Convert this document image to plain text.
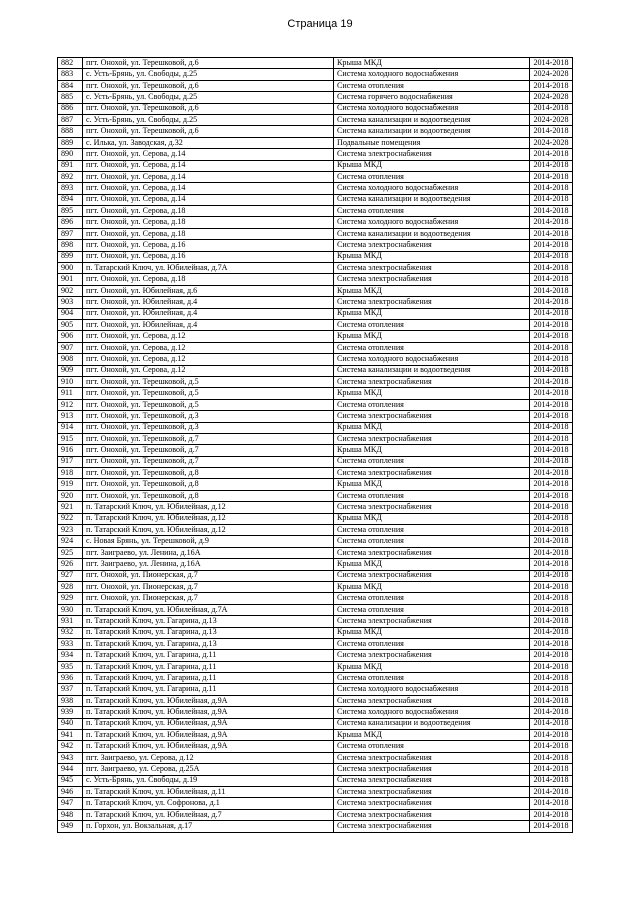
Страница 19
882	пгт. Онохой, ул. Терешковой, д.6	Крыша МКД	2014-2018
883	с. Усть-Брянь, ул. Свободы, д.25	Система холодного водоснабжения	2024-2028
884	пгт. Онохой, ул. Терешковой, д.6	Система отопления	2014-2018
885	с. Усть-Брянь, ул. Свободы, д.25	Система горячего водоснабжения	2024-2028
886	пгт. Онохой, ул. Терешковой, д.6	Система холодного водоснабжения	2014-2018
887	с. Усть-Брянь, ул. Свободы, д.25	Система канализации и водоотведения	2024-2028
888	пгт. Онохой, ул. Терешковой, д.6	Система канализации и водоотведения	2014-2018
889	с. Илька, ул. Заводская, д.32	Подвальные помещения	2024-2028
890	пгт. Онохой, ул. Серова, д.14	Система электроснабжения	2014-2018
891	пгт. Онохой, ул. Серова, д.14	Крыша МКД	2014-2018
892	пгт. Онохой, ул. Серова, д.14	Система отопления	2014-2018
893	пгт. Онохой, ул. Серова, д.14	Система холодного водоснабжения	2014-2018
894	пгт. Онохой, ул. Серова, д.14	Система канализации и водоотведения	2014-2018
895	пгт. Онохой, ул. Серова, д.18	Система отопления	2014-2018
896	пгт. Онохой, ул. Серова, д.18	Система холодного водоснабжения	2014-2018
897	пгт. Онохой, ул. Серова, д.18	Система канализации и водоотведения	2014-2018
898	пгт. Онохой, ул. Серова, д.16	Система электроснабжения	2014-2018
899	пгт. Онохой, ул. Серова, д.16	Крыша МКД	2014-2018
900	п. Татарский Ключ, ул. Юбилейная, д.7А	Система электроснабжения	2014-2018
901	пгт. Онохой, ул. Серова, д.18	Система электроснабжения	2014-2018
902	пгт. Онохой, ул. Юбилейная, д.6	Крыша МКД	2014-2018
903	пгт. Онохой, ул. Юбилейная, д.4	Система электроснабжения	2014-2018
904	пгт. Онохой, ул. Юбилейная, д.4	Крыша МКД	2014-2018
905	пгт. Онохой, ул. Юбилейная, д.4	Система отопления	2014-2018
906	пгт. Онохой, ул. Серова, д.12	Крыша МКД	2014-2018
907	пгт. Онохой, ул. Серова, д.12	Система отопления	2014-2018
908	пгт. Онохой, ул. Серова, д.12	Система холодного водоснабжения	2014-2018
909	пгт. Онохой, ул. Серова, д.12	Система канализации и водоотведения	2014-2018
910	пгт. Онохой, ул. Терешковой, д.5	Система электроснабжения	2014-2018
911	пгт. Онохой, ул. Терешковой, д.5	Крыша МКД	2014-2018
912	пгт. Онохой, ул. Терешковой, д.5	Система отопления	2014-2018
913	пгт. Онохой, ул. Терешковой, д.3	Система электроснабжения	2014-2018
914	пгт. Онохой, ул. Терешковой, д.3	Крыша МКД	2014-2018
915	пгт. Онохой, ул. Терешковой, д.7	Система электроснабжения	2014-2018
916	пгт. Онохой, ул. Терешковой, д.7	Крыша МКД	2014-2018
917	пгт. Онохой, ул. Терешковой, д.7	Система отопления	2014-2018
918	пгт. Онохой, ул. Терешковой, д.8	Система электроснабжения	2014-2018
919	пгт. Онохой, ул. Терешковой, д.8	Крыша МКД	2014-2018
920	пгт. Онохой, ул. Терешковой, д.8	Система отопления	2014-2018
921	п. Татарский Ключ, ул. Юбилейная, д.12	Система электроснабжения	2014-2018
922	п. Татарский Ключ, ул. Юбилейная, д.12	Крыша МКД	2014-2018
923	п. Татарский Ключ, ул. Юбилейная, д.12	Система отопления	2014-2018
924	с. Новая Брянь, ул. Терешковой, д.9	Система отопления	2014-2018
925	пгт. Заиграево, ул. Ленина, д.16А	Система электроснабжения	2014-2018
926	пгт. Заиграево, ул. Ленина, д.16А	Крыша МКД	2014-2018
927	пгт. Онохой, ул. Пионерская, д.7	Система электроснабжения	2014-2018
928	пгт. Онохой, ул. Пионерская, д.7	Крыша МКД	2014-2018
929	пгт. Онохой, ул. Пионерская, д.7	Система отопления	2014-2018
930	п. Татарский Ключ, ул. Юбилейная, д.7А	Система отопления	2014-2018
931	п. Татарский Ключ, ул. Гагарина, д.13	Система электроснабжения	2014-2018
932	п. Татарский Ключ, ул. Гагарина, д.13	Крыша МКД	2014-2018
933	п. Татарский Ключ, ул. Гагарина, д.13	Система отопления	2014-2018
934	п. Татарский Ключ, ул. Гагарина, д.11	Система электроснабжения	2014-2018
935	п. Татарский Ключ, ул. Гагарина, д.11	Крыша МКД	2014-2018
936	п. Татарский Ключ, ул. Гагарина, д.11	Система отопления	2014-2018
937	п. Татарский Ключ, ул. Гагарина, д.11	Система холодного водоснабжения	2014-2018
938	п. Татарский Ключ, ул. Юбилейная, д.9А	Система электроснабжения	2014-2018
939	п. Татарский Ключ, ул. Юбилейная, д.9А	Система холодного водоснабжения	2014-2018
940	п. Татарский Ключ, ул. Юбилейная, д.9А	Система канализации и водоотведения	2014-2018
941	п. Татарский Ключ, ул. Юбилейная, д.9А	Крыша МКД	2014-2018
942	п. Татарский Ключ, ул. Юбилейная, д.9А	Система отопления	2014-2018
943	пгт. Заиграево, ул. Серова, д.12	Система электроснабжения	2014-2018
944	пгт. Заиграево, ул. Серова, д.25А	Система электроснабжения	2014-2018
945	с. Усть-Брянь, ул. Свободы, д.19	Система электроснабжения	2014-2018
946	п. Татарский Ключ, ул. Юбилейная, д.11	Система электроснабжения	2014-2018
947	п. Татарский Ключ, ул. Софронова, д.1	Система электроснабжения	2014-2018
948	п. Татарский Ключ, ул. Юбилейная, д.7	Система электроснабжения	2014-2018
949	п. Горхон, ул. Вокзальная, д.17	Система электроснабжения	2014-2018
